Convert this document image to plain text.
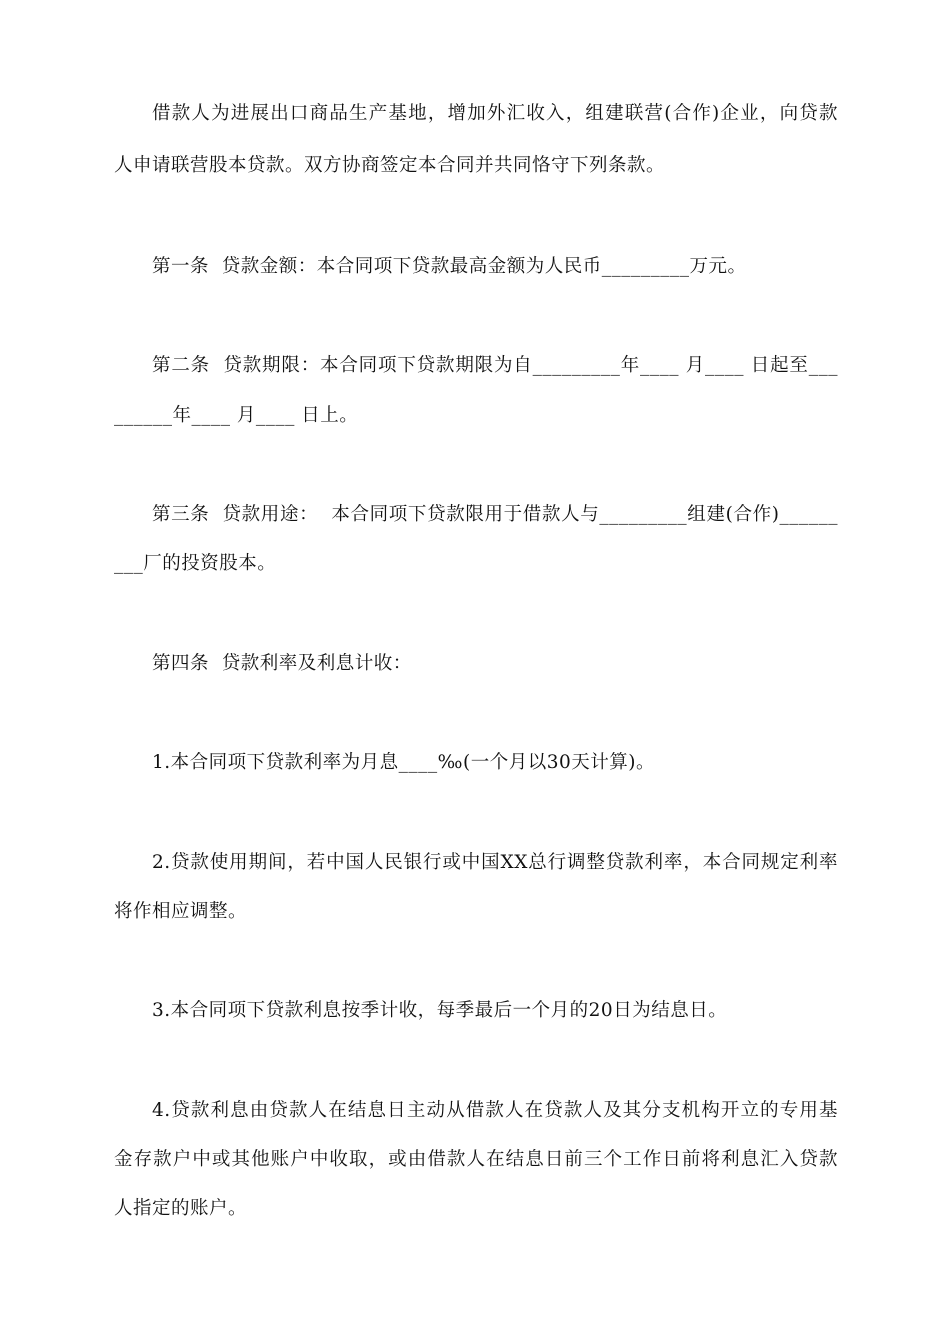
借款人为进展出口商品生产基地，增加外汇收入，组建联营(合作)企业，向贷款
人申请联营股本贷款。双方协商签定本合同并共同恪守下列条款。
第一条  贷款金额：本合同项下贷款最高金额为人民币_________万元。
第二条  贷款期限：本合同项下贷款期限为自_________年____ 月____ 日起至___
______年____ 月____ 日上。
第三条  贷款用途：  本合同项下贷款限用于借款人与_________组建(合作)______
___厂的投资股本。
第四条  贷款利率及利息计收：
1.本合同项下贷款利率为月息____‰(一个月以30天计算)。
2.贷款使用期间，若中国人民银行或中国XX总行调整贷款利率，本合同规定利率
将作相应调整。
3.本合同项下贷款利息按季计收，每季最后一个月的20日为结息日。
4.贷款利息由贷款人在结息日主动从借款人在贷款人及其分支机构开立的专用基
金存款户中或其他账户中收取，或由借款人在结息日前三个工作日前将利息汇入贷款
人指定的账户。
